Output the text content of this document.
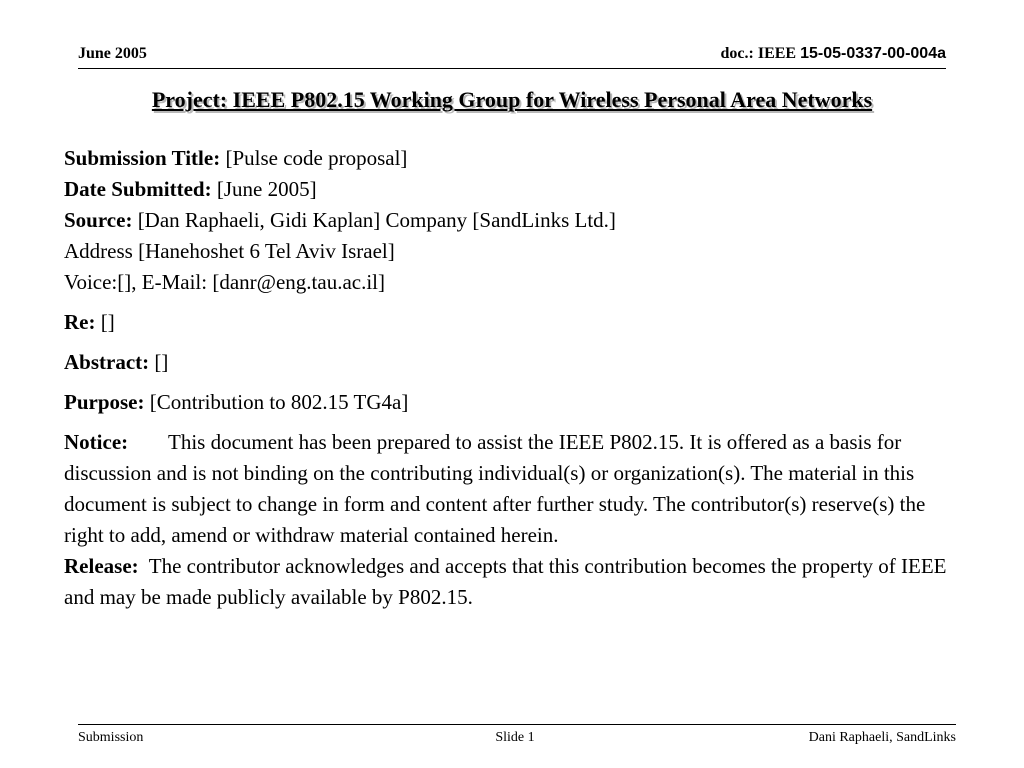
June 2005	doc.: IEEE 15-05-0337-00-004a
Project: IEEE P802.15 Working Group for Wireless Personal Area Networks

Submission Title: [Pulse code proposal]

Date Submitted: [June 2005]

Source: [Dan Raphaeli, Gidi Kaplan] Company [SandLinks Ltd.]

Address [Hanehoshet 6 Tel Aviv Israel]

Voice:[], E-Mail: [danr@eng.tau.ac.il]

Re: []

Abstract: []

Purpose: [Contribution to 802.15 TG4a]

Notice: This document has been prepared to assist the IEEE P802.15. It is offered as a basis for discussion and is not binding on the contributing individual(s) or organization(s). The material in this document is subject to change in form and content after further study. The contributor(s) reserve(s) the right to add, amend or withdraw material contained herein.

Release: The contributor acknowledges and accepts that this contribution becomes the property of IEEE and may be made publicly available by P802.15.

Submission	Slide 1	Dani Raphaeli, SandLinks
